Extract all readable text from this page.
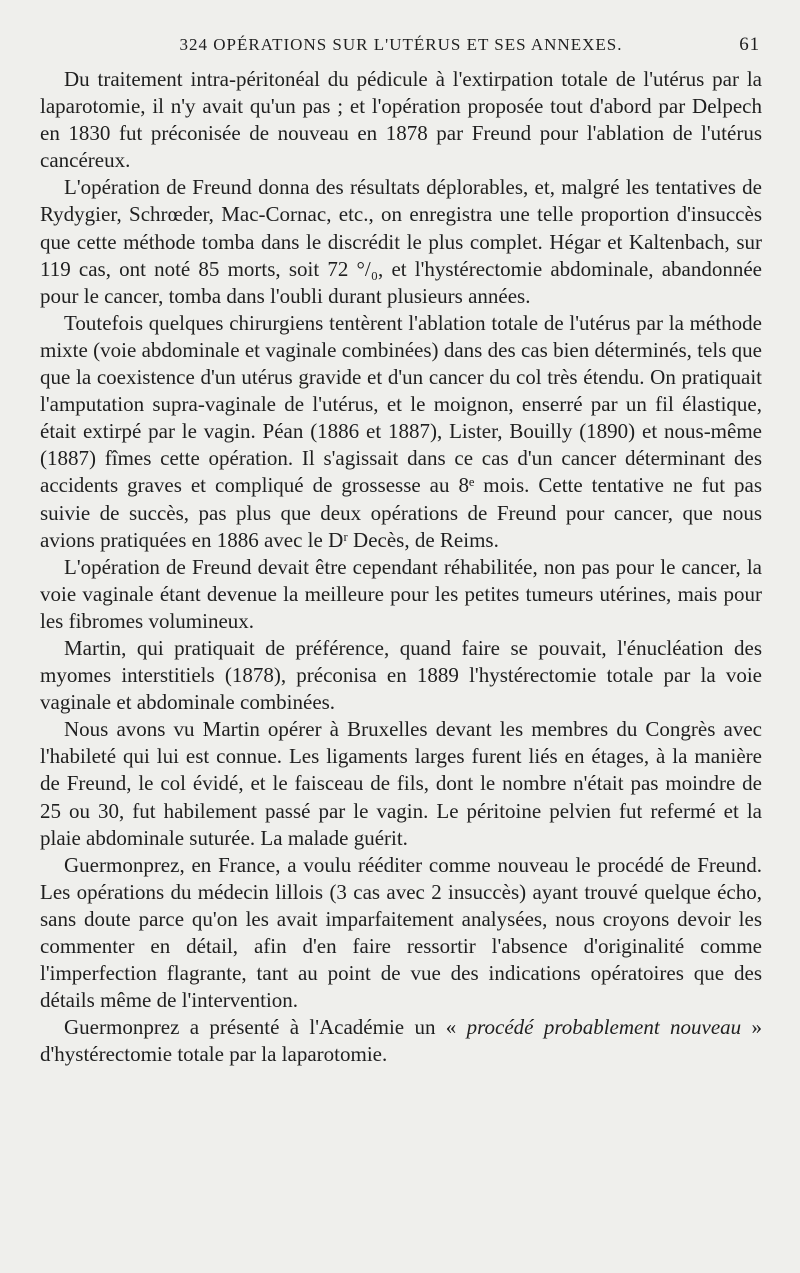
324 OPÉRATIONS SUR L'UTÉRUS ET SES ANNEXES.	61

Du traitement intra-péritonéal du pédicule à l'extirpation totale de l'utérus par la laparotomie, il n'y avait qu'un pas ; et l'opération proposée tout d'abord par Delpech en 1830 fut préconisée de nouveau en 1878 par Freund pour l'ablation de l'utérus cancéreux.

L'opération de Freund donna des résultats déplorables, et, malgré les tentatives de Rydygier, Schrœder, Mac-Cornac, etc., on enregistra une telle proportion d'insuccès que cette méthode tomba dans le discrédit le plus complet. Hégar et Kaltenbach, sur 119 cas, ont noté 85 morts, soit 72 °/₀, et l'hystérectomie abdominale, abandonnée pour le cancer, tomba dans l'oubli durant plusieurs années.

Toutefois quelques chirurgiens tentèrent l'ablation totale de l'utérus par la méthode mixte (voie abdominale et vaginale combinées) dans des cas bien déterminés, tels que que la coexistence d'un utérus gravide et d'un cancer du col très étendu. On pratiquait l'amputation supra-vaginale de l'utérus, et le moignon, enserré par un fil élastique, était extirpé par le vagin. Péan (1886 et 1887), Lister, Bouilly (1890) et nous-même (1887) fîmes cette opération. Il s'agissait dans ce cas d'un cancer déterminant des accidents graves et compliqué de grossesse au 8ᵉ mois. Cette tentative ne fut pas suivie de succès, pas plus que deux opérations de Freund pour cancer, que nous avions pratiquées en 1886 avec le Dʳ Decès, de Reims.

L'opération de Freund devait être cependant réhabilitée, non pas pour le cancer, la voie vaginale étant devenue la meilleure pour les petites tumeurs utérines, mais pour les fibromes volumineux.

Martin, qui pratiquait de préférence, quand faire se pouvait, l'énucléation des myomes interstitiels (1878), préconisa en 1889 l'hystérectomie totale par la voie vaginale et abdominale combinées.

Nous avons vu Martin opérer à Bruxelles devant les membres du Congrès avec l'habileté qui lui est connue. Les ligaments larges furent liés en étages, à la manière de Freund, le col évidé, et le faisceau de fils, dont le nombre n'était pas moindre de 25 ou 30, fut habilement passé par le vagin. Le péritoine pelvien fut refermé et la plaie abdominale suturée. La malade guérit.

Guermonprez, en France, a voulu rééditer comme nouveau le procédé de Freund. Les opérations du médecin lillois (3 cas avec 2 insuccès) ayant trouvé quelque écho, sans doute parce qu'on les avait imparfaitement analysées, nous croyons devoir les commenter en détail, afin d'en faire ressortir l'absence d'originalité comme l'imperfection flagrante, tant au point de vue des indications opératoires que des détails même de l'intervention.

Guermonprez a présenté à l'Académie un « procédé probablement nouveau » d'hystérectomie totale par la laparotomie.
